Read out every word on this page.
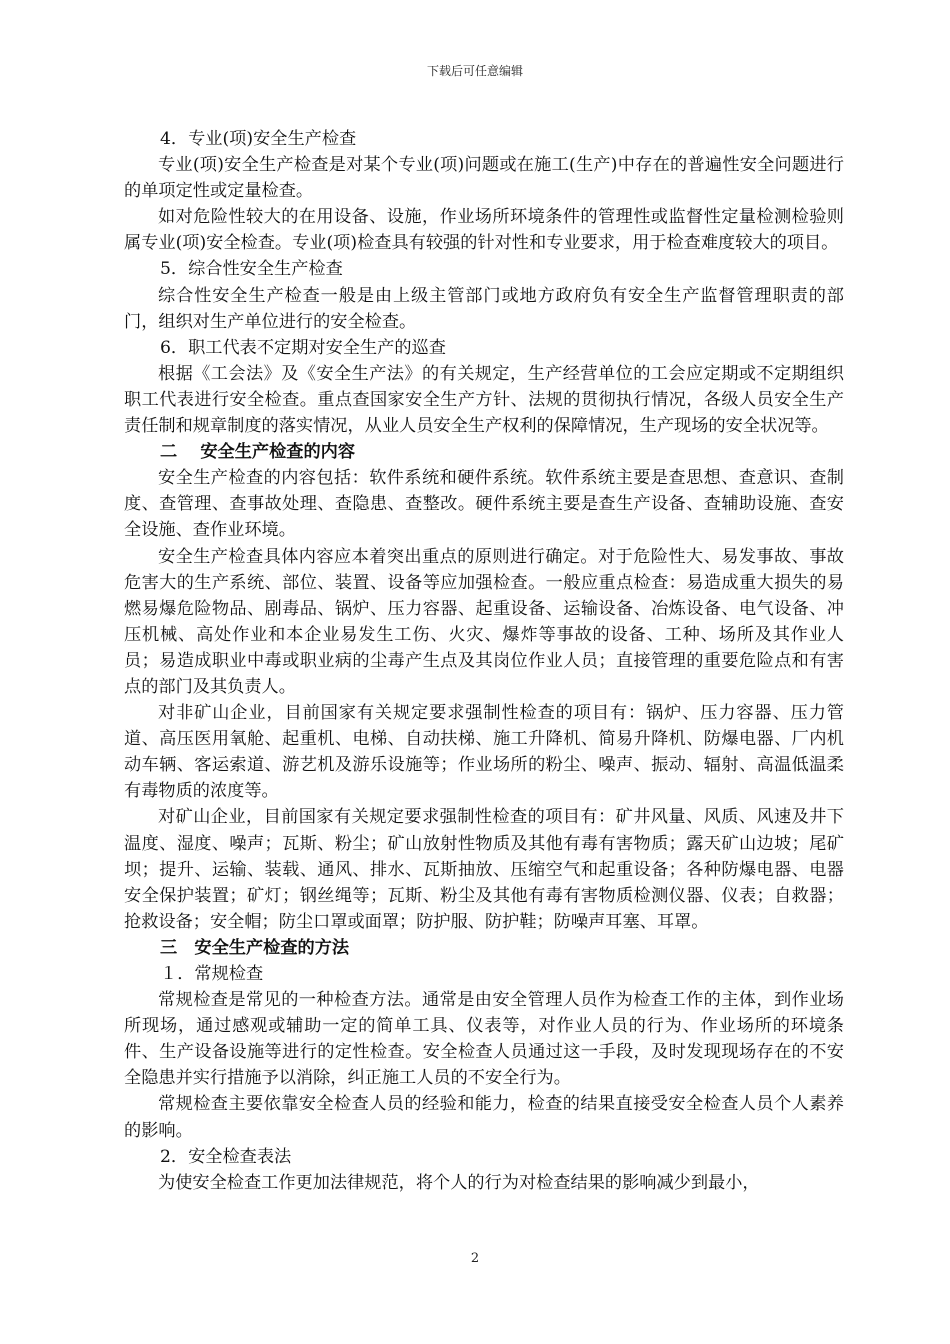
下载后可任意编辑

4．专业(项)安全生产检查

专业(项)安全生产检查是对某个专业(项)问题或在施工(生产)中存在的普遍性安全问题进行的单项定性或定量检查。

如对危险性较大的在用设备、设施，作业场所环境条件的管理性或监督性定量检测检验则属专业(项)安全检查。专业(项)检查具有较强的针对性和专业要求，用于检查难度较大的项目。

5．综合性安全生产检查

综合性安全生产检查一般是由上级主管部门或地方政府负有安全生产监督管理职责的部门，组织对生产单位进行的安全检查。

6．职工代表不定期对安全生产的巡查

根据《工会法》及《安全生产法》的有关规定，生产经营单位的工会应定期或不定期组织职工代表进行安全检查。重点查国家安全生产方针、法规的贯彻执行情况，各级人员安全生产责任制和规章制度的落实情况，从业人员安全生产权利的保障情况，生产现场的安全状况等。

二　 安全生产检查的内容

安全生产检查的内容包括：软件系统和硬件系统。软件系统主要是查思想、查意识、查制度、查管理、查事故处理、查隐患、查整改。硬件系统主要是查生产设备、查辅助设施、查安全设施、查作业环境。

安全生产检查具体内容应本着突出重点的原则进行确定。对于危险性大、易发事故、事故危害大的生产系统、部位、装置、设备等应加强检查。一般应重点检查：易造成重大损失的易燃易爆危险物品、剧毒品、锅炉、压力容器、起重设备、运输设备、冶炼设备、电气设备、冲压机械、高处作业和本企业易发生工伤、火灾、爆炸等事故的设备、工种、场所及其作业人员；易造成职业中毒或职业病的尘毒产生点及其岗位作业人员；直接管理的重要危险点和有害点的部门及其负责人。

对非矿山企业，目前国家有关规定要求强制性检查的项目有：锅炉、压力容器、压力管道、高压医用氧舱、起重机、电梯、自动扶梯、施工升降机、简易升降机、防爆电器、厂内机动车辆、客运索道、游艺机及游乐设施等；作业场所的粉尘、噪声、振动、辐射、高温低温柔有毒物质的浓度等。

对矿山企业，目前国家有关规定要求强制性检查的项目有：矿井风量、风质、风速及井下温度、湿度、噪声；瓦斯、粉尘；矿山放射性物质及其他有毒有害物质；露天矿山边坡；尾矿坝；提升、运输、装载、通风、排水、瓦斯抽放、压缩空气和起重设备；各种防爆电器、电器安全保护装置；矿灯；钢丝绳等；瓦斯、粉尘及其他有毒有害物质检测仪器、仪表；自救器；抢救设备；安全帽；防尘口罩或面罩；防护服、防护鞋；防噪声耳塞、耳罩。

三　安全生产检查的方法

１．常规检查

常规检查是常见的一种检查方法。通常是由安全管理人员作为检查工作的主体，到作业场所现场，通过感观或辅助一定的简单工具、仪表等，对作业人员的行为、作业场所的环境条件、生产设备设施等进行的定性检查。安全检查人员通过这一手段，及时发现现场存在的不安全隐患并实行措施予以消除，纠正施工人员的不安全行为。

常规检查主要依靠安全检查人员的经验和能力，检查的结果直接受安全检查人员个人素养的影响。

2．安全检查表法

为使安全检查工作更加法律规范，将个人的行为对检查结果的影响减少到最小，

2
